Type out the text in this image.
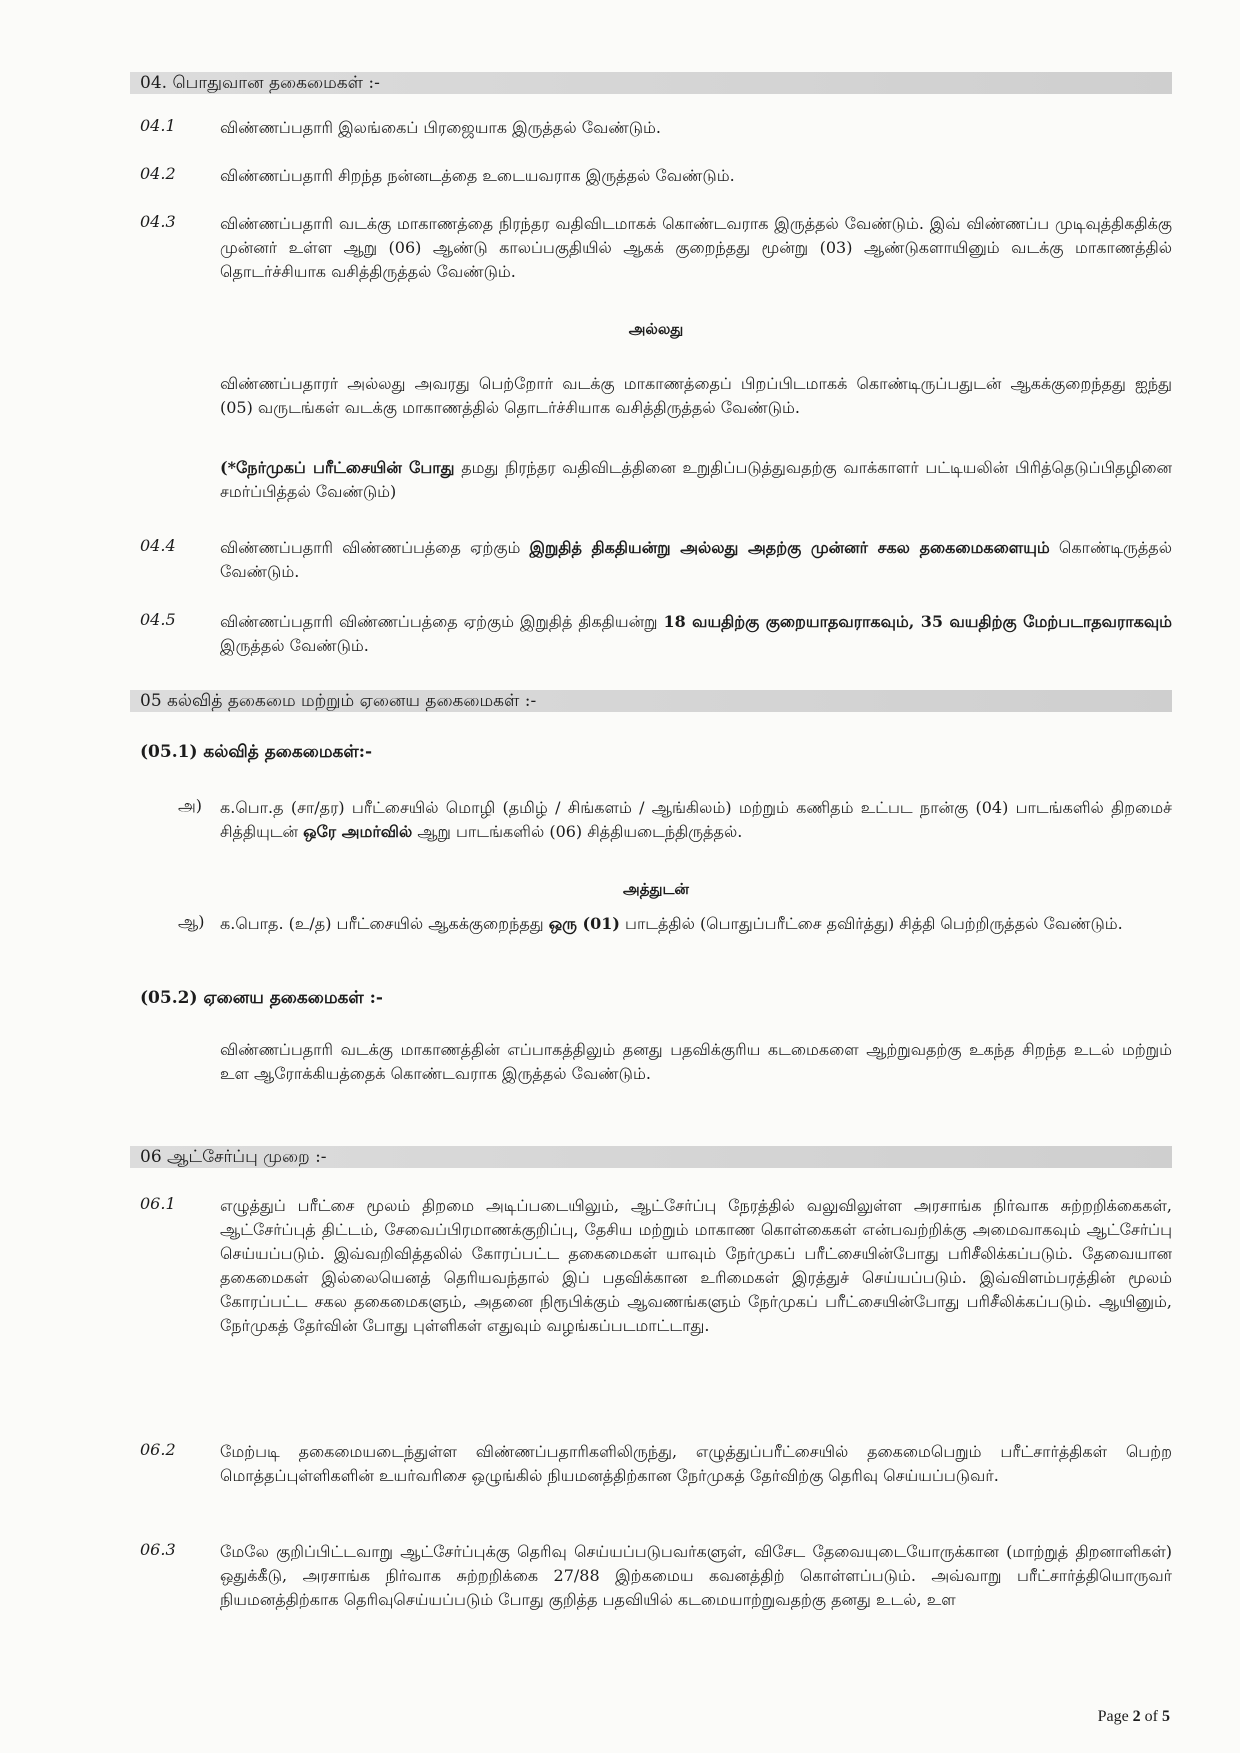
04. பொதுவான தகைமைகள் :-
04.1	விண்ணப்பதாரி இலங்கைப் பிரஜையாக இருத்தல் வேண்டும்.
04.2	விண்ணப்பதாரி சிறந்த நன்னடத்தை உடையவராக இருத்தல் வேண்டும்.
04.3	விண்ணப்பதாரி வடக்கு மாகாணத்தை நிரந்தர வதிவிடமாகக் கொண்டவராக இருத்தல் வேண்டும். இவ் விண்ணப்ப முடிவுத்திகதிக்கு முன்னர் உள்ள ஆறு (06) ஆண்டு காலப்பகுதியில் ஆகக் குறைந்தது மூன்று (03) ஆண்டுகளாயினும் வடக்கு மாகாணத்தில் தொடர்ச்சியாக வசித்திருத்தல் வேண்டும்.
அல்லது
விண்ணப்பதாரர் அல்லது அவரது பெற்றோர் வடக்கு மாகாணத்தைப் பிறப்பிடமாகக் கொண்டிருப்பதுடன் ஆகக்குறைந்தது ஐந்து (05) வருடங்கள் வடக்கு மாகாணத்தில் தொடர்ச்சியாக வசித்திருத்தல் வேண்டும்.
(*நேர்முகப் பரீட்சையின் போது தமது நிரந்தர வதிவிடத்தினை உறுதிப்படுத்துவதற்கு வாக்காளர் பட்டியலின் பிரித்தெடுப்பிதழினை சமர்ப்பித்தல் வேண்டும்)
04.4	விண்ணப்பதாரி விண்ணப்பத்தை ஏற்கும் இறுதித் திகதியன்று அல்லது அதற்கு முன்னர் சகல தகைமைகளையும் கொண்டிருத்தல் வேண்டும்.
04.5	விண்ணப்பதாரி விண்ணப்பத்தை ஏற்கும் இறுதித் திகதியன்று 18 வயதிற்கு குறையாதவராகவும், 35 வயதிற்கு மேற்படாதவராகவும் இருத்தல் வேண்டும்.
05 கல்வித் தகைமை மற்றும் ஏனைய தகைமைகள் :-
(05.1) கல்வித் தகைமைகள்:-
அ)	க.பொ.த (சா/தர) பரீட்சையில் மொழி (தமிழ் / சிங்களம் / ஆங்கிலம்) மற்றும் கணிதம் உட்பட நான்கு (04) பாடங்களில் திறமைச் சித்தியுடன் ஒரே அமர்வில் ஆறு பாடங்களில் (06) சித்தியடைந்திருத்தல்.
அத்துடன்
ஆ) க.பொத. (உ/த) பரீட்சையில் ஆகக்குறைந்தது ஒரு (01) பாடத்தில் (பொதுப்பரீட்சை தவிர்த்து) சித்தி பெற்றிருத்தல் வேண்டும்.
(05.2) ஏனைய தகைமைகள் :-
விண்ணப்பதாரி வடக்கு மாகாணத்தின் எப்பாகத்திலும் தனது பதவிக்குரிய கடமைகளை ஆற்றுவதற்கு உகந்த சிறந்த உடல் மற்றும் உள ஆரோக்கியத்தைக் கொண்டவராக இருத்தல் வேண்டும்.
06 ஆட்சேர்ப்பு முறை :-
06.1	எழுத்துப் பரீட்சை மூலம் திறமை அடிப்படையிலும், ஆட்சேர்ப்பு நேரத்தில் வலுவிலுள்ள அரசாங்க நிர்வாக சுற்றறிக்கைகள், ஆட்சேர்ப்புத் திட்டம், சேவைப்பிரமாணக்குறிப்பு, தேசிய மற்றும் மாகாண கொள்கைகள் என்பவற்றிக்கு அமைவாகவும் ஆட்சேர்ப்பு செய்யப்படும். இவ்வறிவித்தலில் கோரப்பட்ட தகைமைகள் யாவும் நேர்முகப் பரீட்சையின்போது பரிசீலிக்கப்படும். தேவையான தகைமைகள் இல்லையெனத் தெரியவந்தால் இப் பதவிக்கான உரிமைகள் இரத்துச் செய்யப்படும். இவ்விளம்பரத்தின் மூலம் கோரப்பட்ட சகல தகைமைகளும், அதனை நிரூபிக்கும் ஆவணங்களும் நேர்முகப் பரீட்சையின்போது பரிசீலிக்கப்படும். ஆயினும், நேர்முகத் தேர்வின் போது புள்ளிகள் எதுவும் வழங்கப்படமாட்டாது.
06.2	மேற்படி தகைமையடைந்துள்ள விண்ணப்பதாரிகளிலிருந்து, எழுத்துப்பரீட்சையில் தகைமைபெறும் பரீட்சார்த்திகள் பெற்ற மொத்தப்புள்ளிகளின் உயர்வரிசை ஒழுங்கில் நியமனத்திற்கான நேர்முகத் தேர்விற்கு தெரிவு செய்யப்படுவர்.
06.3	மேலே குறிப்பிட்டவாறு ஆட்சேர்ப்புக்கு தெரிவு செய்யப்படுபவர்களுள், விசேட தேவையுடையோருக்கான (மாற்றுத் திறனாளிகள்) ஒதுக்கீடு, அரசாங்க நிர்வாக சுற்றறிக்கை 27/88 இற்கமைய கவனத்திற் கொள்ளப்படும். அவ்வாறு பரீட்சார்த்தியொருவர் நியமனத்திற்காக தெரிவுசெய்யப்படும் போது குறித்த பதவியில் கடமையாற்றுவதற்கு தனது உடல், உள
Page 2 of 5
